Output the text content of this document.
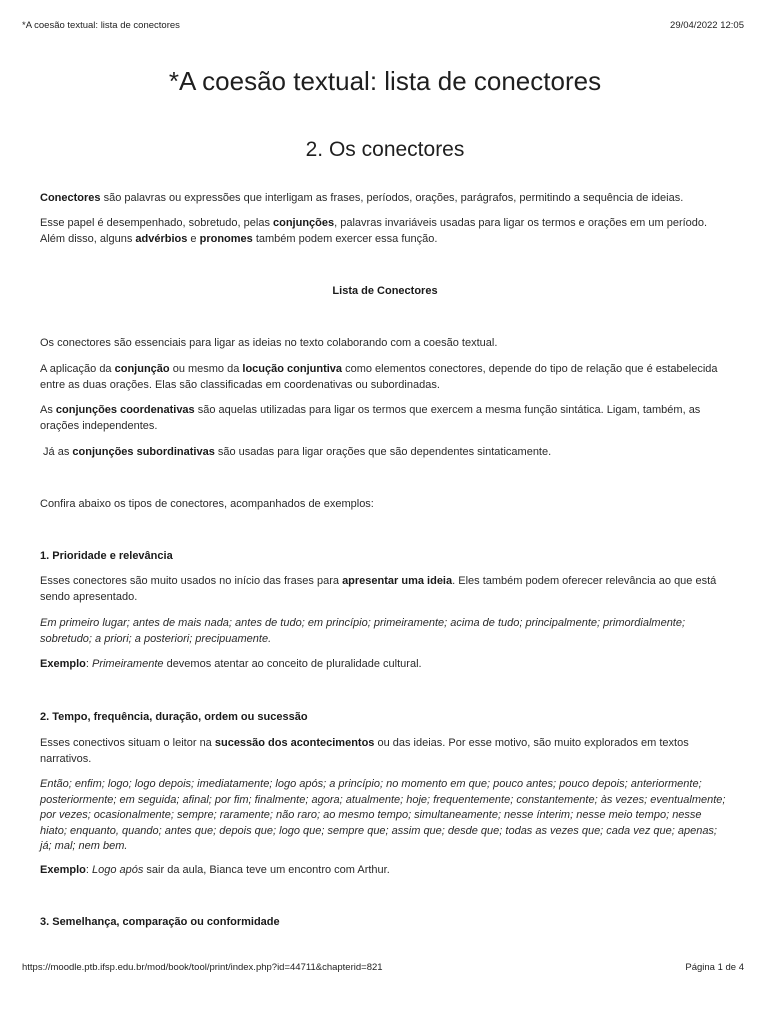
*A coesão textual: lista de conectores	29/04/2022 12:05
*A coesão textual: lista de conectores
2. Os conectores

Conectores são palavras ou expressões que interligam as frases, períodos, orações, parágrafos, permitindo a sequência de ideias.

Esse papel é desempenhado, sobretudo, pelas conjunções, palavras invariáveis usadas para ligar os termos e orações em um período. Além disso, alguns advérbios e pronomes também podem exercer essa função.

Lista de Conectores

Os conectores são essenciais para ligar as ideias no texto colaborando com a coesão textual.

A aplicação da conjunção ou mesmo da locução conjuntiva como elementos conectores, depende do tipo de relação que é estabelecida entre as duas orações. Elas são classificadas em coordenativas ou subordinadas.

As conjunções coordenativas são aquelas utilizadas para ligar os termos que exercem a mesma função sintática. Ligam, também, as orações independentes.

Já as conjunções subordinativas são usadas para ligar orações que são dependentes sintaticamente.

Confira abaixo os tipos de conectores, acompanhados de exemplos:

1. Prioridade e relevância

Esses conectores são muito usados no início das frases para apresentar uma ideia. Eles também podem oferecer relevância ao que está sendo apresentado.

Em primeiro lugar; antes de mais nada; antes de tudo; em princípio; primeiramente; acima de tudo; principalmente; primordialmente; sobretudo; a priori; a posteriori; precipuamente.

Exemplo: Primeiramente devemos atentar ao conceito de pluralidade cultural.

2. Tempo, frequência, duração, ordem ou sucessão

Esses conectivos situam o leitor na sucessão dos acontecimentos ou das ideias. Por esse motivo, são muito explorados em textos narrativos.

Então; enfim; logo; logo depois; imediatamente; logo após; a princípio; no momento em que; pouco antes; pouco depois; anteriormente; posteriormente; em seguida; afinal; por fim; finalmente; agora; atualmente; hoje; frequentemente; constantemente; às vezes; eventualmente; por vezes; ocasionalmente; sempre; raramente; não raro; ao mesmo tempo; simultaneamente; nesse ínterim; nesse meio tempo; nesse hiato; enquanto, quando; antes que; depois que; logo que; sempre que; assim que; desde que; todas as vezes que; cada vez que; apenas; já; mal; nem bem.

Exemplo: Logo após sair da aula, Bianca teve um encontro com Arthur.

3. Semelhança, comparação ou conformidade

https://moodle.ptb.ifsp.edu.br/mod/book/tool/print/index.php?id=44711&chapterid=821	Página 1 de 4
